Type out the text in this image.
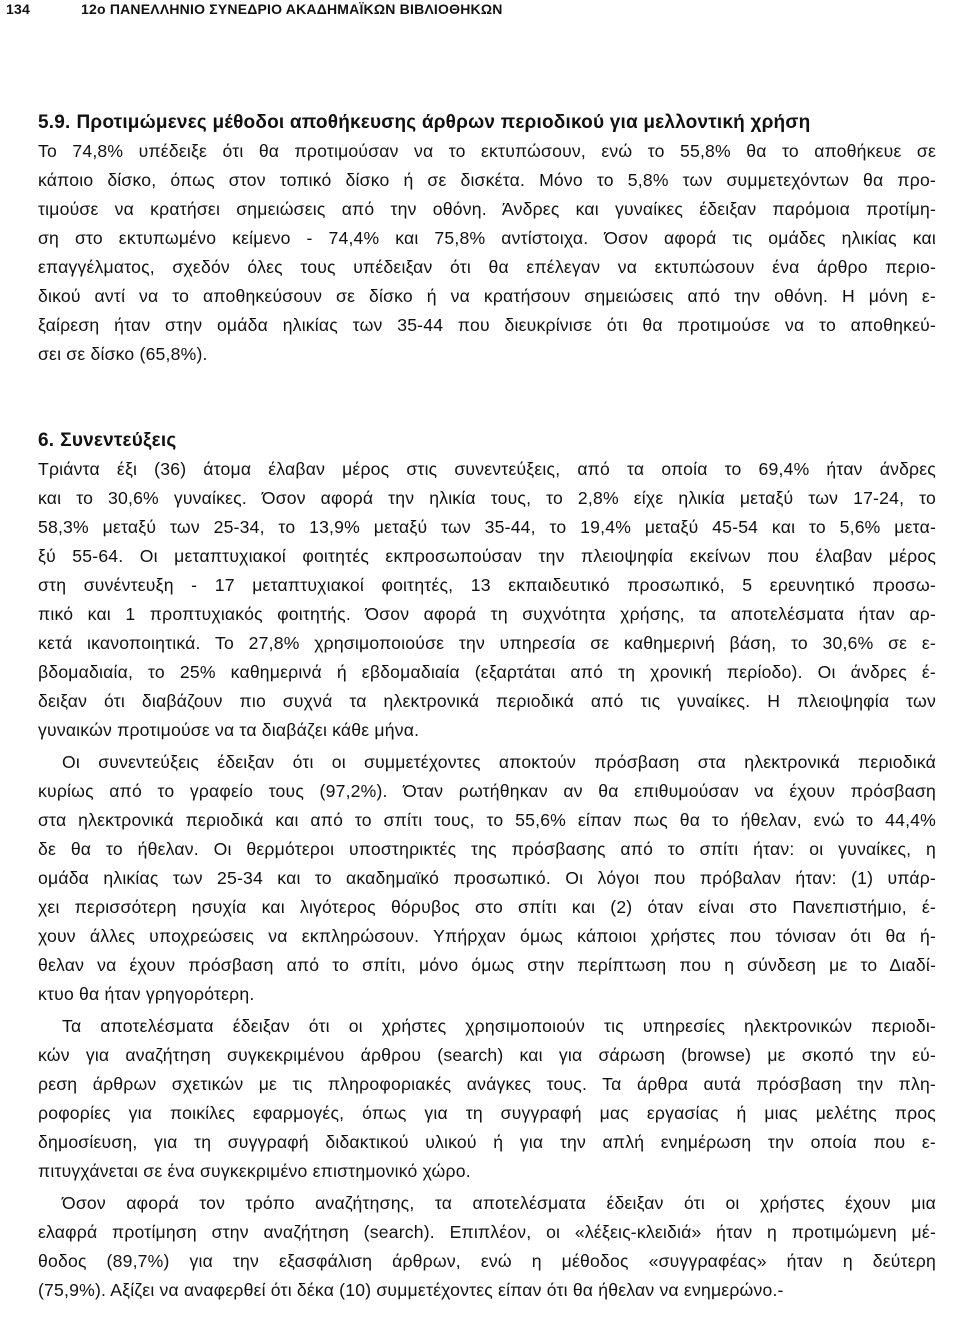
134	12ο ΠΑΝΕΛΛΗΝΙΟ ΣΥΝΕΔΡΙΟ ΑΚΑΔΗΜΑΪΚΩΝ ΒΙΒΛΙΟΘΗΚΩΝ
5.9. Προτιμώμενες μέθοδοι αποθήκευσης άρθρων περιοδικού για μελλοντική χρήση
Το 74,8% υπέδειξε ότι θα προτιμούσαν να το εκτυπώσουν, ενώ το 55,8% θα το αποθήκευε σε
κάποιο δίσκο, όπως στον τοπικό δίσκο ή σε δισκέτα. Μόνο το 5,8% των συμμετεχόντων θα προ-
τιμούσε να κρατήσει σημειώσεις από την οθόνη. Άνδρες και γυναίκες έδειξαν παρόμοια προτίμη-
ση στο εκτυπωμένο κείμενο - 74,4% και 75,8% αντίστοιχα. Όσον αφορά τις ομάδες ηλικίας και
επαγγέλματος, σχεδόν όλες τους υπέδειξαν ότι θα επέλεγαν να εκτυπώσουν ένα άρθρο περιο-
δικού αντί να το αποθηκεύσουν σε δίσκο ή να κρατήσουν σημειώσεις από την οθόνη. Η μόνη ε-
ξαίρεση ήταν στην ομάδα ηλικίας των 35-44 που διευκρίνισε ότι θα προτιμούσε να το αποθηκεύ-
σει σε δίσκο (65,8%).
6. Συνεντεύξεις
Τριάντα έξι (36) άτομα έλαβαν μέρος στις συνεντεύξεις, από τα οποία το 69,4% ήταν άνδρες
και το 30,6% γυναίκες. Όσον αφορά την ηλικία τους, το 2,8% είχε ηλικία μεταξύ των 17-24, το
58,3% μεταξύ των 25-34, το 13,9% μεταξύ των 35-44, το 19,4% μεταξύ 45-54 και το 5,6% μετα-
ξύ 55-64. Οι μεταπτυχιακοί φοιτητές εκπροσωπούσαν την πλειοψηφία εκείνων που έλαβαν μέρος
στη συνέντευξη - 17 μεταπτυχιακοί φοιτητές, 13 εκπαιδευτικό προσωπικό, 5 ερευνητικό προσω-
πικό και 1 προπτυχιακός φοιτητής. Όσον αφορά τη συχνότητα χρήσης, τα αποτελέσματα ήταν αρ-
κετά ικανοποιητικά. Το 27,8% χρησιμοποιούσε την υπηρεσία σε καθημερινή βάση, το 30,6% σε ε-
βδομαδιαία, το 25% καθημερινά ή εβδομαδιαία (εξαρτάται από τη χρονική περίοδο). Οι άνδρες έ-
δειξαν ότι διαβάζουν πιο συχνά τα ηλεκτρονικά περιοδικά από τις γυναίκες. Η πλειοψηφία των
γυναικών προτιμούσε να τα διαβάζει κάθε μήνα.
Οι συνεντεύξεις έδειξαν ότι οι συμμετέχοντες αποκτούν πρόσβαση στα ηλεκτρονικά περιοδικά
κυρίως από το γραφείο τους (97,2%). Όταν ρωτήθηκαν αν θα επιθυμούσαν να έχουν πρόσβαση
στα ηλεκτρονικά περιοδικά και από το σπίτι τους, το 55,6% είπαν πως θα το ήθελαν, ενώ το 44,4%
δε θα το ήθελαν. Οι θερμότεροι υποστηρικτές της πρόσβασης από το σπίτι ήταν: οι γυναίκες, η
ομάδα ηλικίας των 25-34 και το ακαδημαϊκό προσωπικό. Οι λόγοι που πρόβαλαν ήταν: (1) υπάρ-
χει περισσότερη ησυχία και λιγότερος θόρυβος στο σπίτι και (2) όταν είναι στο Πανεπιστήμιο, έ-
χουν άλλες υποχρεώσεις να εκπληρώσουν. Υπήρχαν όμως κάποιοι χρήστες που τόνισαν ότι θα ή-
θελαν να έχουν πρόσβαση από το σπίτι, μόνο όμως στην περίπτωση που η σύνδεση με το Διαδί-
κτυο θα ήταν γρηγορότερη.
Τα αποτελέσματα έδειξαν ότι οι χρήστες χρησιμοποιούν τις υπηρεσίες ηλεκτρονικών περιοδι-
κών για αναζήτηση συγκεκριμένου άρθρου (search) και για σάρωση (browse) με σκοπό την εύ-
ρεση άρθρων σχετικών με τις πληροφοριακές ανάγκες τους. Τα άρθρα αυτά πρόσβαση την πλη-
ροφορίες για ποικίλες εφαρμογές, όπως για τη συγγραφή μας εργασίας ή μιας μελέτης προς
δημοσίευση, για τη συγγραφή διδακτικού υλικού ή για την απλή ενημέρωση την οποία που ε-
πιτυγχάνεται σε ένα συγκεκριμένο επιστημονικό χώρο.
Όσον αφορά τον τρόπο αναζήτησης, τα αποτελέσματα έδειξαν ότι οι χρήστες έχουν μια
ελαφρά προτίμηση στην αναζήτηση (search). Επιπλέον, οι «λέξεις-κλειδιά» ήταν η προτιμώμενη μέ-
θοδος (89,7%) για την εξασφάλιση άρθρων, ενώ η μέθοδος «συγγραφέας» ήταν η δεύτερη
(75,9%). Αξίζει να αναφερθεί ότι δέκα (10) συμμετέχοντες είπαν ότι θα ήθελαν να ενημερώνο.-
